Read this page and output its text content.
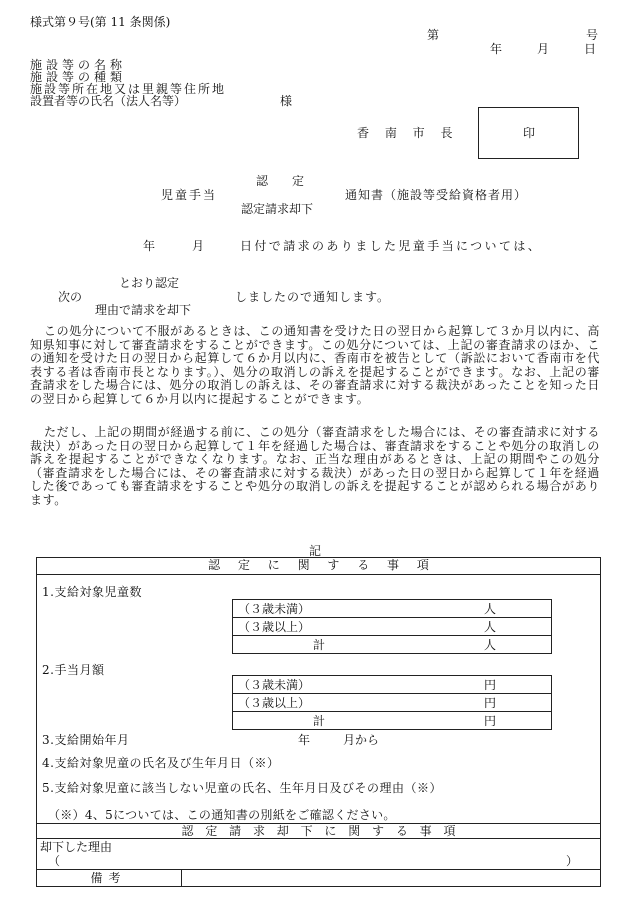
様式第９号(第 11 条関係)
第	号
年	月	日
施設等の名称
施設等の種類
施設等所在地又は里親等住所地
設置者等の氏名（法人名等）	様
香 南 市 長	印
認　　定
児童手当	通知書（施設等受給資格者用）
認定請求却下
年	月	日付で請求のありました児童手当については、
とおり認定
次の
理由で請求を却下
しましたので通知します。
この処分について不服があるときは、この通知書を受けた日の翌日から起算して３か月以内に、高知県知事に対して審査請求をすることができます。この処分については、上記の審査請求のほか、この通知を受けた日の翌日から起算して６か月以内に、香南市を被告として（訴訟において香南市を代表する者は香南市長となります。）、処分の取消しの訴えを提起することができます。なお、上記の審査請求をした場合には、処分の取消しの訴えは、その審査請求に対する裁決があったことを知った日の翌日から起算して６か月以内に提起することができます。
ただし、上記の期間が経過する前に、この処分（審査請求をした場合には、その審査請求に対する裁決）があった日の翌日から起算して１年を経過した場合は、審査請求をすることや処分の取消しの訴えを提起することができなくなります。なお、正当な理由があるときは、上記の期間やこの処分（審査請求をした場合には、その審査請求に対する裁決）があった日の翌日から起算して１年を経過した後であっても審査請求をすることや処分の取消しの訴えを提起することが認められる場合があります。
記
認 定 に 関 す る 事 項
1.支給対象児童数
（３歳未満）	人
（３歳以上）	人
計	人
2.手当月額
（３歳未満）	円
（３歳以上）	円
計	円
3.支給開始年月	年	月から
4.支給対象児童の氏名及び生年月日（※）
5.支給対象児童に該当しない児童の氏名、生年月日及びその理由（※）
（※）4、5については、この通知書の別紙をご確認ください。
認 定 請 求 却 下 に 関 す る 事 項
却下した理由
（	）
備考
